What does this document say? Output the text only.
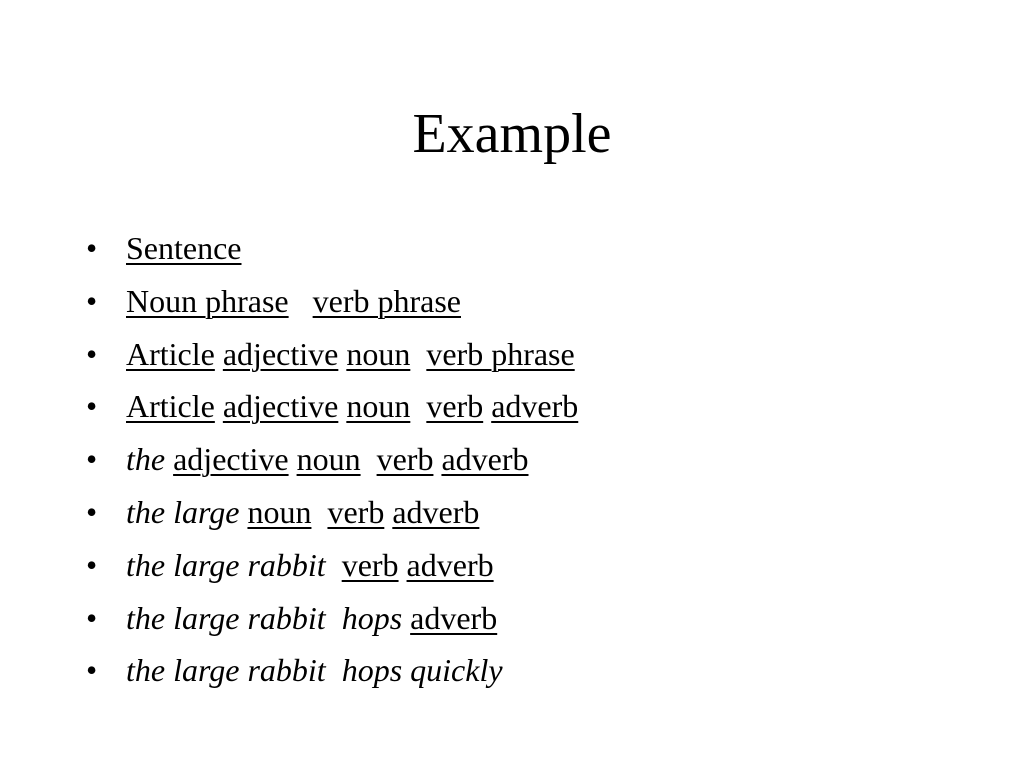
Example
• Sentence
• Noun phrase verb phrase
• Article adjective noun verb phrase
• Article adjective noun verb adverb
• the adjective noun verb adverb
• the large noun verb adverb
• the large rabbit verb adverb
• the large rabbit  hops adverb
• the large rabbit  hops quickly
